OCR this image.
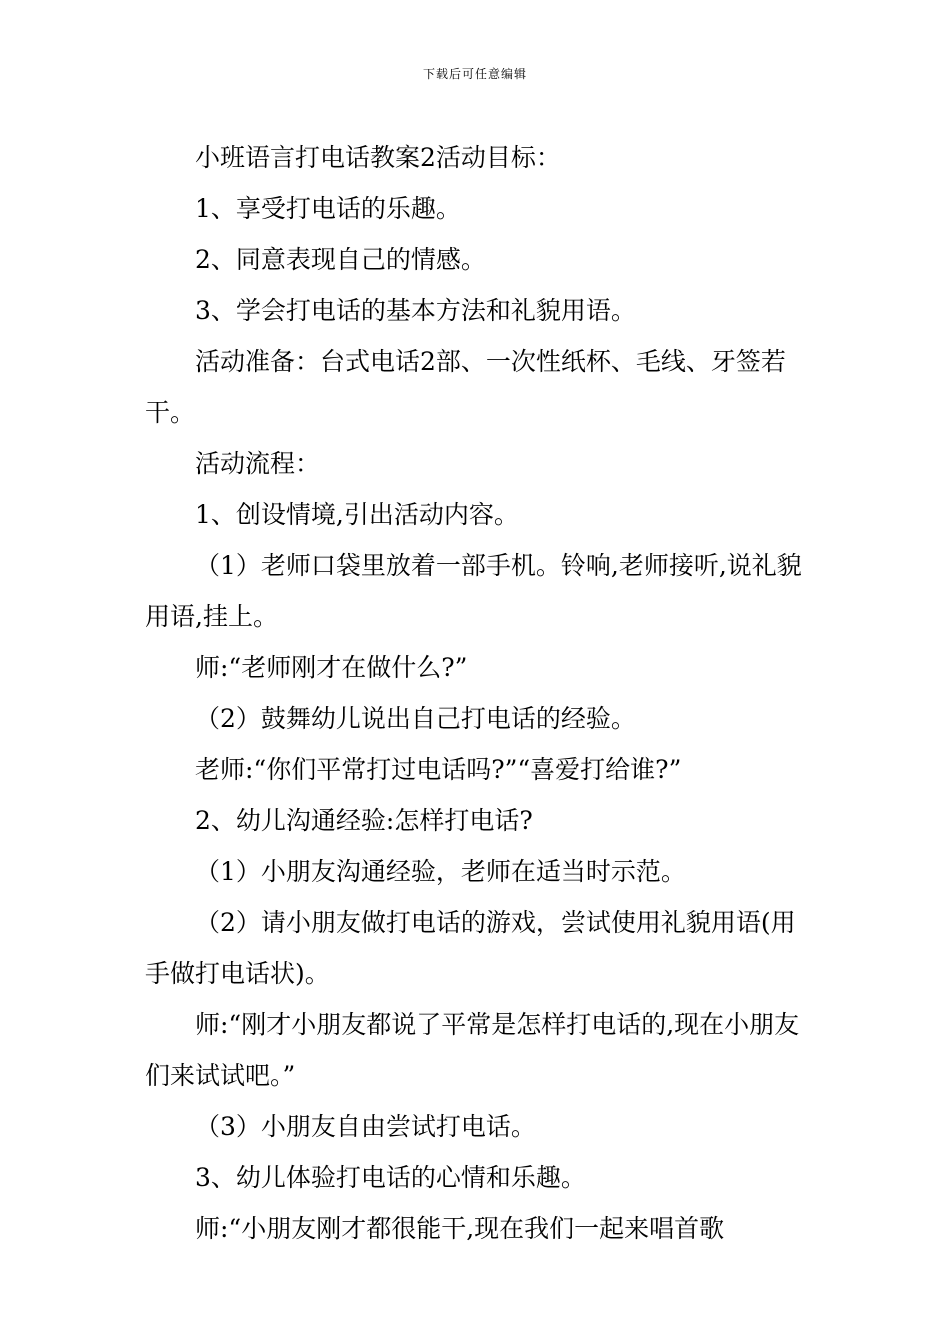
下载后可任意编辑

小班语言打电话教案2活动目标：

1、享受打电话的乐趣。

2、同意表现自己的情感。

3、学会打电话的基本方法和礼貌用语。

活动准备：台式电话2部、一次性纸杯、毛线、牙签若干。

活动流程：

1、创设情境,引出活动内容。

（1）老师口袋里放着一部手机。铃响,老师接听,说礼貌用语,挂上。

师:“老师刚才在做什么?”

（2）鼓舞幼儿说出自己打电话的经验。

老师:“你们平常打过电话吗?”“喜爱打给谁?”

2、幼儿沟通经验:怎样打电话?

（1）小朋友沟通经验，老师在适当时示范。

（2）请小朋友做打电话的游戏，尝试使用礼貌用语(用手做打电话状)。

师:“刚才小朋友都说了平常是怎样打电话的,现在小朋友们来试试吧。”

（3）小朋友自由尝试打电话。

3、幼儿体验打电话的心情和乐趣。

师:“小朋友刚才都很能干,现在我们一起来唱首歌
